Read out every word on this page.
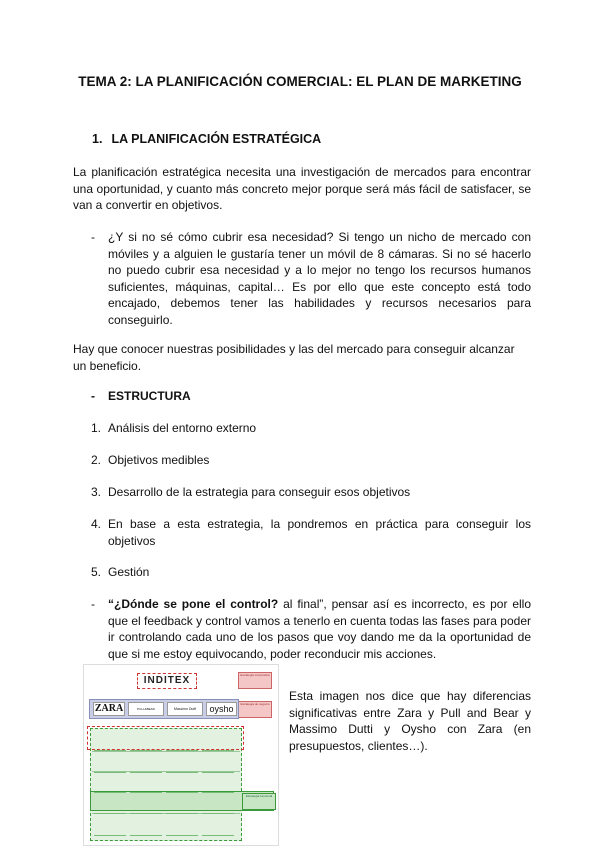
TEMA 2: LA PLANIFICACIÓN COMERCIAL: EL PLAN DE MARKETING
1. LA PLANIFICACIÓN ESTRATÉGICA
La planificación estratégica necesita una investigación de mercados para encontrar una oportunidad, y cuanto más concreto mejor porque será más fácil de satisfacer, se van a convertir en objetivos.
- ¿Y si no sé cómo cubrir esa necesidad? Si tengo un nicho de mercado con móviles y a alguien le gustaría tener un móvil de 8 cámaras. Si no sé hacerlo no puedo cubrir esa necesidad y a lo mejor no tengo los recursos humanos suficientes, máquinas, capital… Es por ello que este concepto está todo encajado, debemos tener las habilidades y recursos necesarios para conseguirlo.
Hay que conocer nuestras posibilidades y las del mercado para conseguir alcanzar un beneficio.
- ESTRUCTURA
1. Análisis del entorno externo
2. Objetivos medibles
3. Desarrollo de la estrategia para conseguir esos objetivos
4. En base a esta estrategia, la pondremos en práctica para conseguir los objetivos
5. Gestión
- “¿Dónde se pone el control? al final”, pensar así es incorrecto, es por ello que el feedback y control vamos a tenerlo en cuenta todas las fases para poder ir controlando cada uno de los pasos que voy dando me da la oportunidad de que si me estoy equivocando, poder reconducir mis acciones.
INDITEX	Estrategia corporativa
Estrategia de negocio
ZARA	PULL&BEAR	Massimo Dutti	oysho
Estrategia funcional
Esta imagen nos dice que hay diferencias significativas entre Zara y Pull and Bear y Massimo Dutti y Oysho con Zara (en presupuestos, clientes…).
